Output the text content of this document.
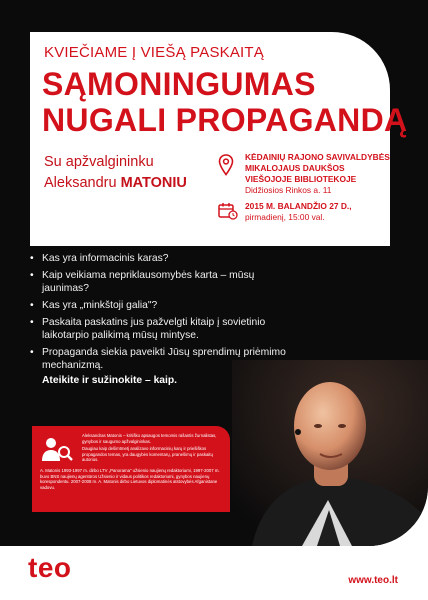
KVIEČIAME Į VIEŠĄ PASKAITĄ
SĄMONINGUMAS
NUGALI PROPAGANDĄ
Su apžvalgininku
Aleksandru MATONIU
KĖDAINIŲ RAJONO SAVIVALDYBĖS
MIKALOJAUS DAUKŠOS
VIEŠOJOJE BIBLIOTEKOJE
Didžiosios Rinkos a. 11
2015 M. BALANDŽIO 27 D.,
pirmadienį, 15:00 val.
• Kas yra informacinis karas?
• Kaip veikiama nepriklausomybės karta – mūsų jaunimas?
• Kas yra „minkštoji galia"?
• Paskaita paskatins jus pažvelgti kitaip į sovietinio laikotarpio palikimą mūsų mintyse.
• Propaganda siekia paveikti Jūsų sprendimų priėmimo mechanizmą.
Ateikite ir sužinokite – kaip.

Aleksandras Matonis – kritiško apsaugos temomis rašantis žurnalistas, gynybos ir saugumo apžvalgininkas.

Daugiau kaip dešimtmetį analizavo informacinių karų ir priešiškos propagandos temas, yra daugybės komentarų, pranešimų ir paskaitų autorius.

A. Matonis 1993-1997 m. dirbo LTV „Panorama" užsienio naujienų redaktoriumi, 1997-2007 m. buvo BNS naujienų agentūros Užsienio ir vidaus politikos redaktoriumi, gynybos naujienų korespondentu. 2007-2008 m. A. Matonis dirbo Lietuvos diplomatinės atstovybės Afganistane vadovu.

teo	www.teo.lt
